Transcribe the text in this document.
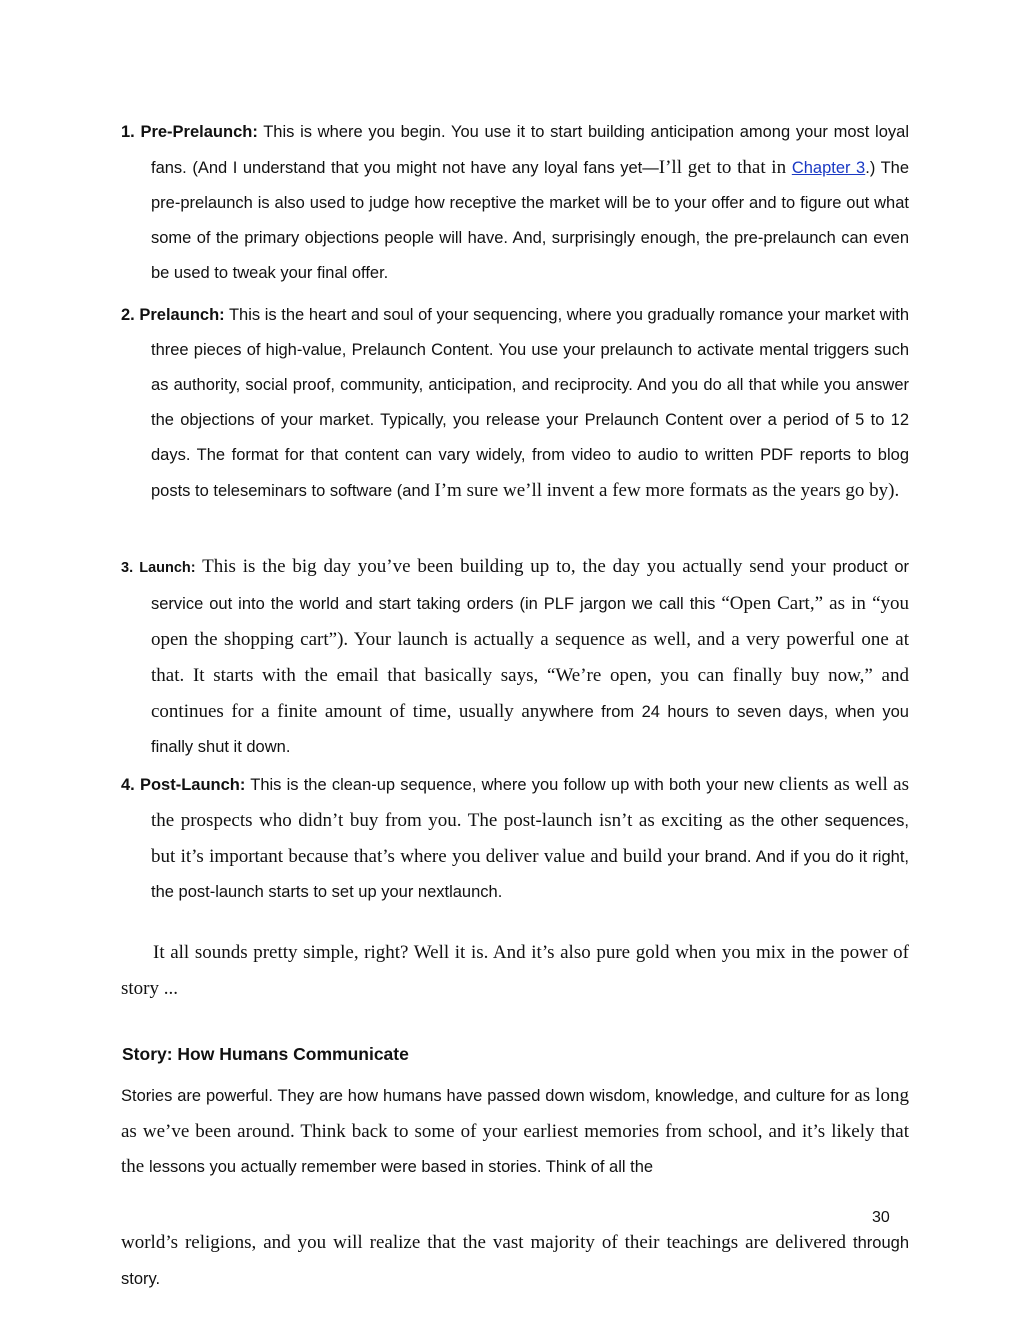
1. Pre-Prelaunch: This is where you begin. You use it to start building anticipation among your most loyal fans. (And I understand that you might not have any loyal fans yet—I’ll get to that in Chapter 3.) The pre-prelaunch is also used to judge how receptive the market will be to your offer and to figure out what some of the primary objections people will have. And, surprisingly enough, the pre-prelaunch can even be used to tweak your final offer.

2. Prelaunch: This is the heart and soul of your sequencing, where you gradually romance your market with three pieces of high-value, Prelaunch Content. You use your prelaunch to activate mental triggers such as authority, social proof, community, anticipation, and reciprocity. And you do all that while you answer the objections of your market. Typically, you release your Prelaunch Content over a period of 5 to 12 days. The format for that content can vary widely, from video to audio to written PDF reports to blog posts to teleseminars to software (and I’m sure we’ll invent a few more formats as the years go by).

3. Launch: This is the big day you’ve been building up to, the day you actually send your product or service out into the world and start taking orders (in PLF jargon we call this “Open Cart,” as in “you open the shopping cart”). Your launch is actually a sequence as well, and a very powerful one at that. It starts with the email that basically says, “We’re open, you can finally buy now,” and continues for a finite amount of time, usually anywhere from 24 hours to seven days, when you finally shut it down.

4. Post-Launch: This is the clean-up sequence, where you follow up with both your new clients as well as the prospects who didn’t buy from you. The post-launch isn’t as exciting as the other sequences, but it’s important because that’s where you deliver value and build your brand. And if you do it right, the post-launch starts to set up your nextlaunch.

It all sounds pretty simple, right? Well it is. And it’s also pure gold when you mix in the power of story ...

Story: How Humans Communicate

Stories are powerful. They are how humans have passed down wisdom, knowledge, and culture for as long as we’ve been around. Think back to some of your earliest memories from school, and it’s likely that the lessons you actually remember were based in stories. Think of all the

30

world’s religions, and you will realize that the vast majority of their teachings are delivered through story.
